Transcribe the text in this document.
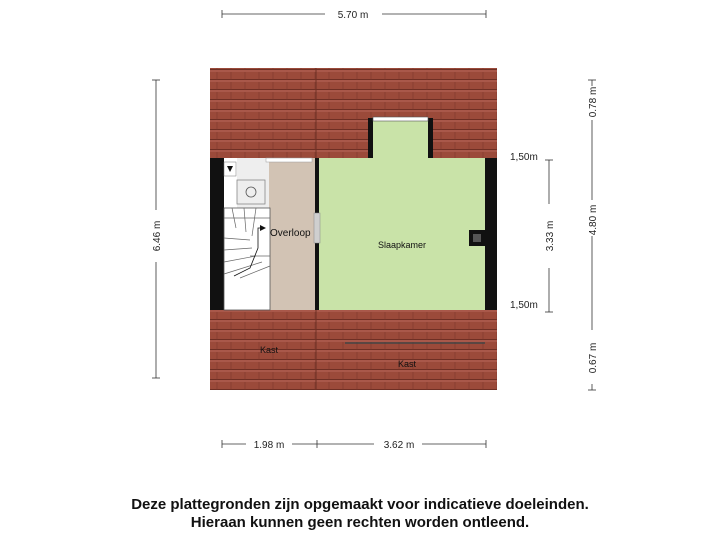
Overloop
Slaapkamer
Kast
Kast
5.70 m
6.46 m
0.78 m
4.80 m
0.67 m
3.33 m
1,50m
1,50m
1.98 m	3.62 m
Deze plattegronden zijn opgemaakt voor indicatieve doeleinden.
Hieraan kunnen geen rechten worden ontleend.
